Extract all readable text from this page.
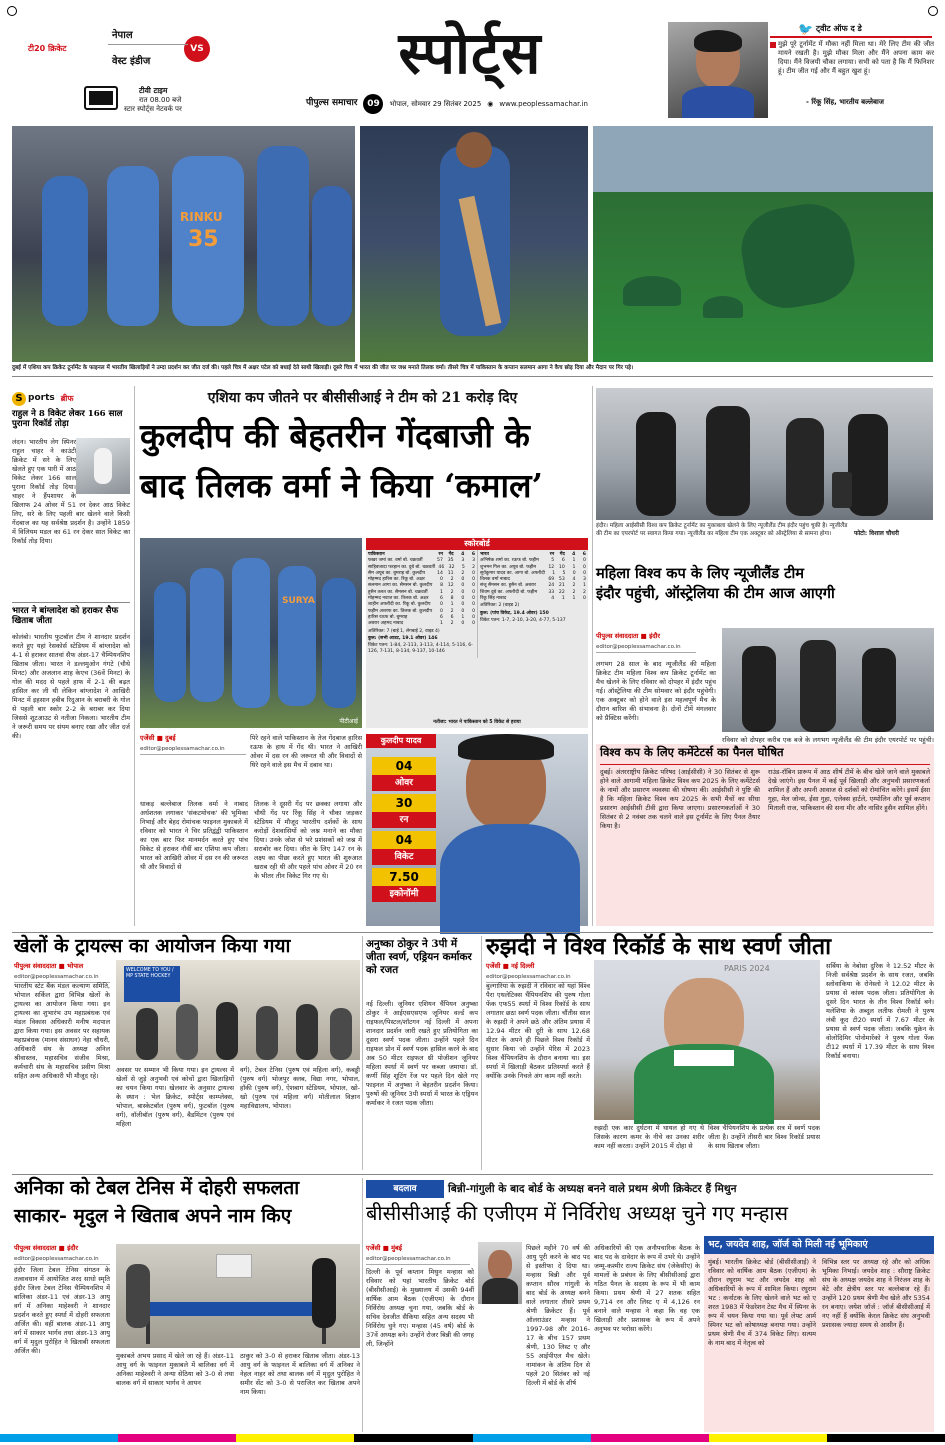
टी20 क्रिकेट
नेपाल
VS
वेस्ट इंडीज
टीवी टाइम
रात 08.00 बजे
स्टार स्पोर्ट्स नेटवर्क पर
स्पोर्ट्स
पीपुल्स समाचार	09	भोपाल, सोमवार 29 सितंबर 2025 ◉ www.peoplessamachar.in
🐦 ट्वीट ऑफ द डे
मुझे पूरे टूर्नामेंट में मौका नहीं मिला था। मेरे लिए टीम की जीत मायने रखती है। मुझे मौका मिला और मैंने अपना काम कर दिया। मैंने विजयी चौका लगाया। सभी को पता है कि मैं फिनिशर हूं। टीम जीत गई और मैं बहुत खुश हूं।
- रिंकू सिंह, भारतीय बल्लेबाज
RINKU
35
दुबई में एशिया कप क्रिकेट टूर्नामेंट के फाइनल में भारतीय खिलाड़ियों ने उम्दा प्रदर्शन कर जीत दर्ज की। पहले चित्र में अक्षर पटेल को बधाई देते साथी खिलाड़ी। दूसरे चित्र में भारत की जीत पर जश्न मनाते तिलक वर्मा। तीसरे चित्र में पाकिस्तान के कप्तान सलमान आगा ने कैच छोड़ दिया और मैदान पर गिर पड़े।
S ports ब्रीफ
राहुल ने 8 विकेट लेकर 166 साल पुराना रिकॉर्ड तोड़ा
लंदन। भारतीय लेग स्पिनर राहुल चाहर ने काउंटी क्रिकेट में सरे के लिए खेलते हुए एक पारी में आठ विकेट लेकर 166 साल पुराना रिकॉर्ड तोड़ दिया। चाहर ने हैंपशायर के खिलाफ 24 ओवर में 51 रन देकर आठ विकेट लिए, सरे के लिए पहली बार खेलने वाले किसी गेंदबाज का यह सर्वश्रेष्ठ प्रदर्शन है। उन्होंने 1859 में विलियम मडल का 61 रन देकर सात विकेट का रिकॉर्ड तोड़ दिया।
भारत ने बांग्लादेश को हराकर सैफ खिताब जीता
कोलंबो। भारतीय फुटबॉल टीम ने शानदार प्रदर्शन करते हुए यहां रेसकोर्स स्टेडियम में बांग्लादेश को 4-1 से हराकर सातवां सैफ अंडर-17 चैम्पियनशिप खिताब जीता। भारत ने डल्लमुओन गंगटे (चौथे मिनट) और अजलान शाह केएच (36वें मिनट) के गोल की मदद से पहले हाफ में 2-1 की बढ़त हासिल कर ली थी लेकिन बांग्लादेश ने आखिरी मिनट में इहसान हबीब रिदुआन के बराबरी के गोल से पहली बार स्कोर 2-2 के बराबर कर दिया जिससे शूटआउट से नतीजा निकला। भारतीय टीम ने जरूरी समय पर संयम बनाए रखा और जीत दर्ज की।
एशिया कप जीतने पर बीसीसीआई ने टीम को 21 करोड़ दिए
कुलदीप की बेहतरीन गेंदबाजी के
बाद तिलक वर्मा ने किया ‘कमाल’
SURYA
पीटीआई
एजेंसी ■ दुबई
editor@peoplessamachar.co.in
पिरे रहने वाले पाकिस्तान के तेज गेंदबाज हारिस रऊफ के हाथ में गेंद थी। भारत ने आखिरी ओवर में दस रन की जरूरत थी और विवादों से घिरे रहने वाले इस मैच में दबाव था।
धाकड़ बल्लेबाज तिलक वर्मा ने नाबाद अर्धशतक लगाकर 'संकटमोचक' की भूमिका निभाई और बेहद रोमांचक फाइनल मुकाबले में रविवार को भारत ने चिर प्रतिद्वंद्वी पाकिस्तान का एक बार फिर मानमर्दन करते हुए पांच विकेट से हराकर नौवीं बार एशिया कप जीता। भारत को आखिरी ओवर में दस रन की जरूरत थी और विवादों से
तिलक ने दूसरी गेंद पर छक्का लगाया और चौथी गेंद पर रिंकू सिंह ने चौका जड़कर स्टेडियम में मौजूद भारतीय दर्शकों के साथ करोड़ों देशवासियों को जश्न मनाने का मौका दिया। उनके जोश से भरे प्रशंसकों को जश्न में सराबोर कर दिया। जीत के लिए 147 रन के लक्ष्य का पीछा करते हुए भारत की शुरुआत खराब रही थी और पहले पांच ओवर में 20 रन के भीतर तीन विकेट गिर गए थे।
स्कोरबोर्ड
पाकिस्तान	रन	गेंद	4	6
फखर जमां का. वर्मा बो. चक्रवर्ती	57	35	3	3
साहिबजादा फरहान का. दुबे बो. चक्रवर्ती 46 32	5	2
सैम अयूब का. बुमराह बो. कुलदीप	14	11	2	0
मोहम्मद हारिस का. रिंकू बो. अक्षर	0	2	0	0
सलमान आगा का. सैमसन बो. कुलदीप	8	12	0	0
हुसैन तलत का. सैमसन बो. चक्रवर्ती	1	2	0	0
मोहम्मद नवाज का. तिलक बो. अक्षर	6	8	0	0
शाहीन अफरीदी का. रिंकू बो. कुलदीप	0	1	0	0
फहीम अशरफ का. तिलक बो. कुलदीप	0	2	0	0
हारिस रऊफ बो. बुमराह	6	6	1	0
अबरार अहमद नाबाद	1	2	0	0
अतिरिक्त: 7 (बाई 1, लेगबाई 2, वाइड 4)
कुल: (सभी आउट, 19.1 ओवर) 146
विकेट पतन: 1-84, 2-113, 3-113, 4-114, 5-116, 6-126, 7-131, 8-134, 9-137, 10-146
भारत	रन	गेंद	4	6
अभिषेक शर्मा का. रऊफ बो. फहीम	5	6	1	0
शुभमन गिल का. अयूब बो. फहीम	12	10	1	0
सूर्यकुमार यादव का. आगा बो. अफरीदी	1	5	0	0
तिलक वर्मा नाबाद	69	53	4	3
संजू सैमसन का. हुसैन बो. अबरार	24	21	2	1
शिवम दुबे का. अफरीदी बो. फहीम	33	22	2	2
रिंकू सिंह नाबाद	4	1	1	0
अतिरिक्त: 2 (वाइड 2)
कुल: (पांच विकेट, 19.4 ओवर) 150
विकेट पतन: 1-7, 2-10, 3-20, 4-77, 5-137
नतीजा: भारत ने पाकिस्तान को 5 विकेट से हराया
कुलदीप यादव
04
ओवर
30
रन
04
विकेट
7.50
इकोनॉमी
इंदौर। महिला आईसीसी विश्व कप क्रिकेट टूर्नामेंट का मुकाबला खेलने के लिए न्यूजीलैंड टीम इंदौर पहुंच चुकी है। न्यूजीलैंड की टीम का एयरपोर्ट पर स्वागत किया गया। न्यूजीलैंड का महिला टीम एक अक्टूबर को ऑस्ट्रेलिया से सामना होगा।	फोटो: विशाल चौधरी
महिला विश्व कप के लिए न्यूजीलैंड टीम
इंदौर पहुंची, ऑस्ट्रेलिया की टीम आज आएगी
पीपुल्स संवाददाता ■ इंदौर
editor@peoplessamachar.co.in
लगभग 28 साल के बाद न्यूजीलैंड की महिला क्रिकेट टीम महिला विश्व कप क्रिकेट टूर्नामेंट का मैच खेलने के लिए रविवार को दोपहर में इंदौर पहुंच गई। ऑस्ट्रेलिया की टीम सोमवार को इंदौर पहुंचेगी। एक अक्टूबर को होने वाले इस महत्वपूर्ण मैच के दौरान बारिश की संभावना है। दोनों टीमें मंगलवार को प्रैक्टिस करेंगी।
रविवार को दोपहर करीब एक बजे के लगभग न्यूजीलैंड की टीम इंदौर एयरपोर्ट पर पहुंची।
विश्व कप के लिए कमेंटेटर्स का पैनल घोषित
दुबई। अंतरराष्ट्रीय क्रिकेट परिषद (आईसीसी) ने 30 सितंबर से शुरू होने वाले आगामी महिला क्रिकेट विश्व कप 2025 के लिए कमेंटेटर्स के नामों और प्रसारण व्यवस्था की घोषणा की। आईसीसी ने पुष्टि की है कि महिला क्रिकेट विश्व कप 2025 के सभी मैचों का सीधा प्रसारण आईसीसी टीवी द्वारा किया जाएगा। प्रसारणकर्ताओं ने 30 सितंबर से 2 नवंबर तक चलने वाले इस टूर्नामेंट के लिए पैनल तैयार किया है।
राउंड-रॉबिन प्रारूप में आठ शीर्ष टीमें के बीच खेले जाने वाले मुकाबले देखे जाएंगे। इस पैनल में कई पूर्व खिलाड़ी और अनुभवी प्रसारणकर्ता शामिल हैं और अपनी आवाज से दर्शकों को रोमांचित करेंगे। इसमें ईसा गुहा, मेल जोन्स, ईसा गुहा, एलेक्स हार्टले, एम्पोलिन और पूर्व कप्तान मिताली राज, पाकिस्तान की सना मीर और नासिर हुसैन शामिल होंगे।
खेलों के ट्रायल्स का आयोजन किया गया
पीपुल्स संवाददाता ■ भोपाल
editor@peoplessamachar.co.in
WELCOME TO YOU / MP STATE HOCKEY
भारतीय स्टेट बैंक मंडल कल्याण समिति, भोपाल सर्किल द्वारा विभिन्न खेलों के ट्रायल्स का आयोजन किया गया। इन ट्रायल्स का शुभारंभ उप महाप्रबंधक एवं मंडल विकास अधिकारी मनीष मदपाल द्वारा किया गया। इस अवसर पर सहायक महाप्रबंधक (मानव संसाधन) नेहा चौधरी, अधिकारी संघ के अध्यक्ष अनिल श्रीवास्तव, महासचिव संजीव मिश्रा, कर्मचारी संघ के महासचिव प्रवीण मिश्रा सहित अन्य अधिकारी भी मौजूद रहे।
अवसर पर सम्मान भी किया गया। इन ट्रायल्स में खेलों से जुड़े अनुभवी एवं कोचों द्वारा खिलाड़ियों का चयन किया गया। खेलवार के अनुसार ट्रायल्स के स्थान : भेल क्रिकेट, स्पोर्ट्स काम्प्लेक्स, भोपाल, बास्केटबॉल (पुरुष वर्ग), फुटबॉल (पुरुष वर्ग), वॉलीबॉल (पुरुष वर्ग), बैडमिंटन (पुरुष एवं महिला
वर्ग), टेबल टेनिस (पुरुष एवं महिला वर्ग), कबड्डी (पुरुष वर्ग) भोजपुर क्लब, विद्या नगर, भोपाल, हॉकी (पुरुष वर्ग), ऐशबाग स्टेडियम, भोपाल, खो-खो (पुरुष एवं महिला वर्ग) मोतीलाल विज्ञान महाविद्यालय, भोपाल।
अनुष्का ठोकुर ने 3पी में जीता स्वर्ण, एड्रियन कर्माकर को रजत
नई दिल्ली। जूनियर एशियन चैंपियन अनुष्का ठोकुर ने आईएसएसएफ जूनियर वर्ल्ड कप राइफल/पिस्टल/शॉटगन नई दिल्ली में अपना शानदार प्रदर्शन जारी रखते हुए प्रतियोगिता का दूसरा स्वर्ण पदक जीता। उन्होंने पहले दिन राइफल प्रोन में स्वर्ण पदक हासिल करने के बाद अब 50 मीटर राइफल थ्री पोजीशन जूनियर महिला स्पर्धा में स्वर्ण पर कब्जा जमाया। डॉ. कर्णी सिंह शूटिंग रेंज पर पहले दिन खेले गए फाइनल में अनुष्का ने बेहतरीन प्रदर्शन किया। पुरुषों की जूनियर 3पी स्पर्धा में भारत के एड्रियन कर्माकर ने रजत पदक जीता।
रुझदी ने विश्व रिकॉर्ड के साथ स्वर्ण जीता
एजेंसी ■ नई दिल्ली
editor@peoplessamachar.co.in
बुल्गारिया के रुझदी ने रविवार को यहां विश्व पैरा एथलेटिक्स चैंपियनशिप की पुरुष गोला फेंक एफ55 स्पर्धा में विश्व रिकॉर्ड के साथ लगातार छठा स्वर्ण पदक जीता। चौंतीस साल के रुझदी ने अपने छठे और अंतिम प्रयास में 12.94 मीटर की दूरी के साथ 12.68 मीटर के अपने ही पिछले विश्व रिकॉर्ड में सुधार किया जो उन्होंने पेरिस में 2023 विश्व चैंपियनशिप के दौरान बनाया था। इस स्पर्धा में खिलाड़ी बैठकर प्रतिस्पर्धा करते हैं क्योंकि उनके निचले अंग काम नहीं करते।
PARIS 2024
रुझदी एक कार दुर्घटना में घायल हो गए थे जिसके कारण कमर के नीचे का उनका शरीर काम नहीं करता। उन्होंने 2015 में दोहा से
विश्व चैंपियनशिप के प्रत्येक सत्र में स्वर्ण पदक जीता है। उन्होंने तीसरी बार विश्व रिकॉर्ड प्रयास के साथ खिताब जीता।
सर्बिया के नेबोसा दुरिक ने 12.52 मीटर के निजी सर्वश्रेष्ठ प्रदर्शन के साथ रजत, जबकि स्लोवाकिया के रोनेस्लो ने 12.02 मीटर के प्रयास से कांस्य पदक जीता। प्रतियोगिता के दूसरे दिन भारत के तीन विश्व रिकॉर्ड बने। मलेशिया के अब्दुल लतीफ रोमली ने पुरुष लंबी कूद टी20 स्पर्धा में 7.67 मीटर के प्रयास से स्वर्ण पदक जीता। जबकि युक्रेन के वोलोदिमिर पोनोमारेंको ने पुरुष गोला फेंक टी12 स्पर्धा में 17.39 मीटर के साथ विश्व रिकॉर्ड बनाया।
अनिका को टेबल टेनिस में दोहरी सफलता
साकार- मृदुल ने खिताब अपने नाम किए
पीपुल्स संवाददाता ■ इंदौर
editor@peoplessamachar.co.in
इंदौर जिला टेबल टेनिस संगठन के तत्वावधान में आयोजित शरद साधो स्मृति इंदौर जिला टेबल टेनिस चैम्पियनशिप में बालिका अंडर-11 एवं अंडर-13 आयु वर्ग में अनिका माहेश्वरी ने शानदार प्रदर्शन करते हुए स्पर्धा में दोहरी सफलता अर्जित की। वहीं बालक अंडर-11 आयु वर्ग में साकार भार्गव तथा अंडर-13 आयु वर्ग में मृदुल पुरोहित ने खिताबी सफलता अर्जित की।
मुकाबले अभय प्रसाद में खेले जा रहे हैं। अंडर-11 आयु वर्ग के फाइनल मुकाबले में बालिका वर्ग में अनिका माहेश्वरी ने अन्या सेठिया को 3-0 से तथा बालक वर्ग में साकार भार्गव ने आयन
ठाकुर को 3-0 से हराकर खिताब जीता। अंडर-13 आयु वर्ग के फाइनल में बालिका वर्ग में अनिका ने नेहल नाहर को तथा बालक वर्ग में मृदुल पुरोहित ने समीर सेंट को 3-0 से पराजित कर खिताब अपने नाम किया।
बदलाव	बिन्नी-गांगुली के बाद बोर्ड के अध्यक्ष बनने वाले प्रथम श्रेणी क्रिकेटर हैं मिथुन
बीसीसीआई की एजीएम में निर्विरोध अध्यक्ष चुने गए मन्हास
एजेंसी ■ मुंबई
editor@peoplessamachar.co.in
दिल्ली के पूर्व कप्तान मिथुन मन्हास को रविवार को यहां भारतीय क्रिकेट बोर्ड (बीसीसीआई) के मुख्यालय में उसकी 94वीं वार्षिक आम बैठक (एजीएम) के दौरान निर्विरोध अध्यक्ष चुना गया, जबकि बोर्ड के सचिव देवजीत सैकिया सहित अन्य सदस्य भी निर्विरोध चुने गए। मन्हास (45 वर्ष) बोर्ड के 37वें अध्यक्ष बने। उन्होंने रोजर बिन्नी की जगह ली, जिन्होंने
पिछले महीने 70 वर्ष की आयु पूरी करने के बाद पद से इस्तीफा दे दिया था। मन्हास बिन्नी और पूर्व कप्तान सौरव गांगुली के बाद बोर्ड के अध्यक्ष बनने वाले लगातार तीसरे प्रथम श्रेणी क्रिकेटर हैं। पूर्व ऑलराउंडर मन्हास ने 1997-98 और 2016-17 के बीच 157 प्रथम श्रेणी, 130 लिस्ट ए और 55 आईपीएल मैच खेले। नामांकन के अंतिम दिन से पहले 20 सितंबर को नई दिल्ली में बोर्ड के शीर्ष
अधिकारियों की एक अनौपचारिक बैठक के बाद पद के दावेदार के रूप में उभरे थे। उन्होंने जम्मू-कश्मीर राज्य क्रिकेट संघ (जेकेसीए) के मामलों के प्रबंधन के लिए बीसीसीआई द्वारा गठित पैनल के सदस्य के रूप में भी काम किया। प्रथम श्रेणी में 27 शतक सहित 9,714 रन और लिस्ट ए में 4,126 रन बनाने वाले मन्हास ने कहा कि वह एक खिलाड़ी और प्रशासक के रूप में अपने अनुभव पर भरोसा करेंगे।
भट, जयदेव शाह, जॉर्ज को मिली नई भूमिकाएं
मुंबई। भारतीय क्रिकेट बोर्ड (बीसीसीआई) ने रविवार को वार्षिक आम बैठक (एजीएम) के दौरान रघुराम भट और जयदेव शाह को अधिकारियों के रूप में शामिल किया। रघुराम भट : कर्नाटक के लिए खेलने वाले भट को ए शरत 1983 में फेडरेशन टेस्ट मैच में स्पिनर के रूप में चयन किया गया था। पूर्व लेफ्ट आर्म स्पिनर भट को कोषाध्यक्ष बनाया गया। उन्होंने प्रथम श्रेणी मैच में 374 विकेट लिए। सत्यम के नाम बाद में नेतृत्व को
विभिन्न स्तर पर अध्यक्ष रहे और को अधिक भूमिका निभाई। जयदेव शाह : सौराष्ट्र क्रिकेट संघ के अध्यक्ष जयदेव शाह ने निरंजन शाह के बेटे और क्षेत्रीय स्तर पर बल्लेबाज रहे हैं। उन्होंने 120 प्रथम श्रेणी मैच खेले और 5354 रन बनाए। जयेश जॉर्ज : जॉर्ज बीसीसीआई में नए नहीं हैं क्योंकि केरल क्रिकेट संघ अनुभवी प्रशासक ज्यादा समय से आसीन हैं।
